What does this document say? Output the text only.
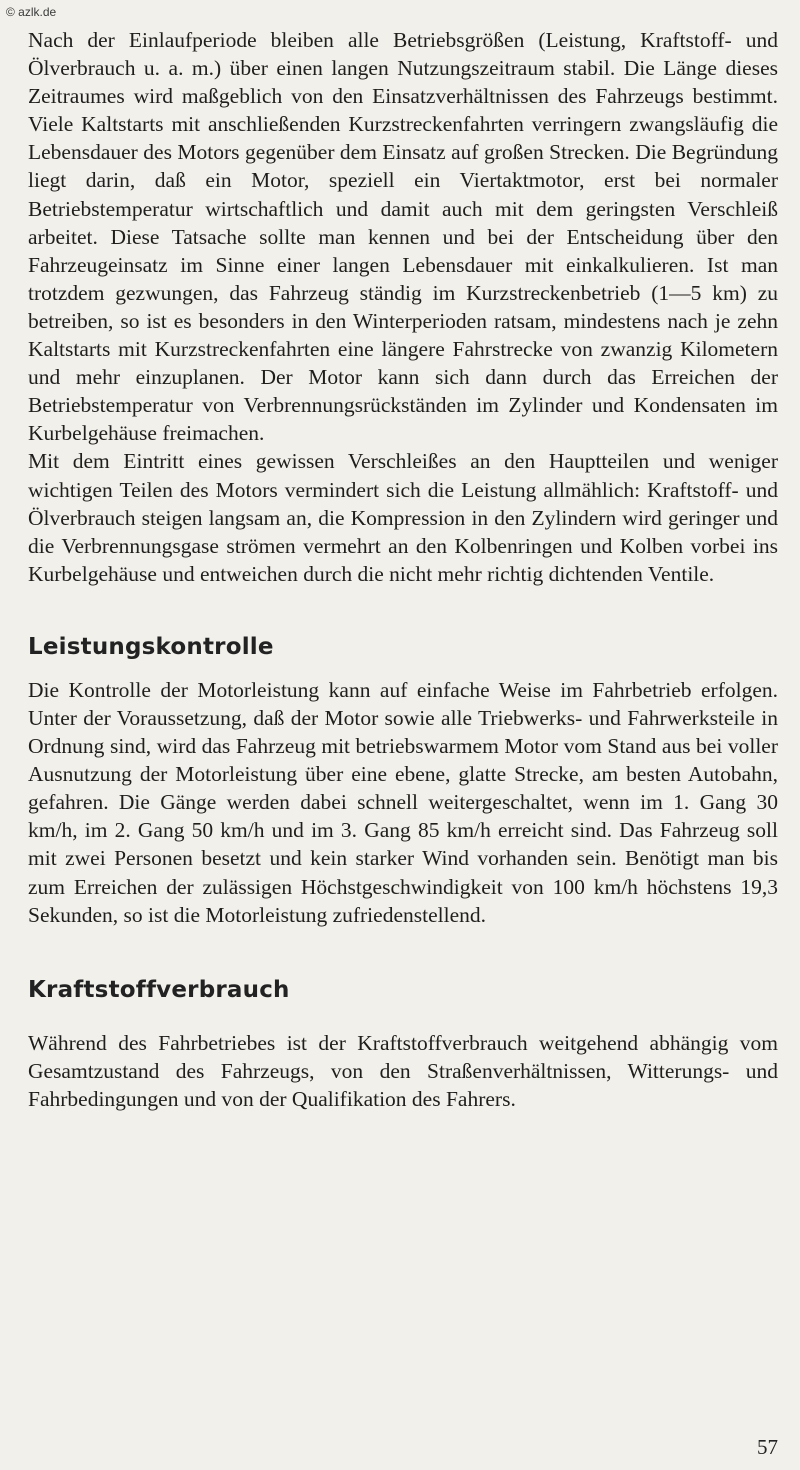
© azlk.de

Nach der Einlaufperiode bleiben alle Betriebsgrößen (Leistung, Kraftstoff- und Ölverbrauch u. a. m.) über einen langen Nutzungszeitraum stabil. Die Länge dieses Zeitraumes wird maßgeblich von den Einsatzverhältnissen des Fahrzeugs bestimmt. Viele Kaltstarts mit anschließenden Kurzstreckenfahrten verringern zwangsläufig die Lebensdauer des Motors gegenüber dem Einsatz auf großen Strecken. Die Begründung liegt darin, daß ein Motor, speziell ein Viertaktmotor, erst bei normaler Betriebstemperatur wirtschaftlich und damit auch mit dem geringsten Verschleiß arbeitet. Diese Tatsache sollte man kennen und bei der Entscheidung über den Fahrzeugeinsatz im Sinne einer langen Lebensdauer mit einkalkulieren. Ist man trotzdem gezwungen, das Fahrzeug ständig im Kurzstreckenbetrieb (1—5 km) zu betreiben, so ist es besonders in den Winterperioden ratsam, mindestens nach je zehn Kaltstarts mit Kurzstreckenfahrten eine längere Fahrstrecke von zwanzig Kilometern und mehr einzuplanen. Der Motor kann sich dann durch das Erreichen der Betriebstemperatur von Verbrennungsrückständen im Zylinder und Kondensaten im Kurbelgehäuse freimachen.

Mit dem Eintritt eines gewissen Verschleißes an den Hauptteilen und weniger wichtigen Teilen des Motors vermindert sich die Leistung allmählich: Kraftstoff- und Ölverbrauch steigen langsam an, die Kompression in den Zylindern wird geringer und die Verbrennungsgase strömen vermehrt an den Kolbenringen und Kolben vorbei ins Kurbelgehäuse und entweichen durch die nicht mehr richtig dichtenden Ventile.

Leistungskontrolle

Die Kontrolle der Motorleistung kann auf einfache Weise im Fahrbetrieb erfolgen. Unter der Voraussetzung, daß der Motor sowie alle Triebwerks- und Fahrwerksteile in Ordnung sind, wird das Fahrzeug mit betriebswarmem Motor vom Stand aus bei voller Ausnutzung der Motorleistung über eine ebene, glatte Strecke, am besten Autobahn, gefahren. Die Gänge werden dabei schnell weitergeschaltet, wenn im 1. Gang 30 km/h, im 2. Gang 50 km/h und im 3. Gang 85 km/h erreicht sind. Das Fahrzeug soll mit zwei Personen besetzt und kein starker Wind vorhanden sein. Benötigt man bis zum Erreichen der zulässigen Höchstgeschwindigkeit von 100 km/h höchstens 19,3 Sekunden, so ist die Motorleistung zufriedenstellend.

Kraftstoffverbrauch

Während des Fahrbetriebes ist der Kraftstoffverbrauch weitgehend abhängig vom Gesamtzustand des Fahrzeugs, von den Straßenverhältnissen, Witterungs- und Fahrbedingungen und von der Qualifikation des Fahrers.

57
